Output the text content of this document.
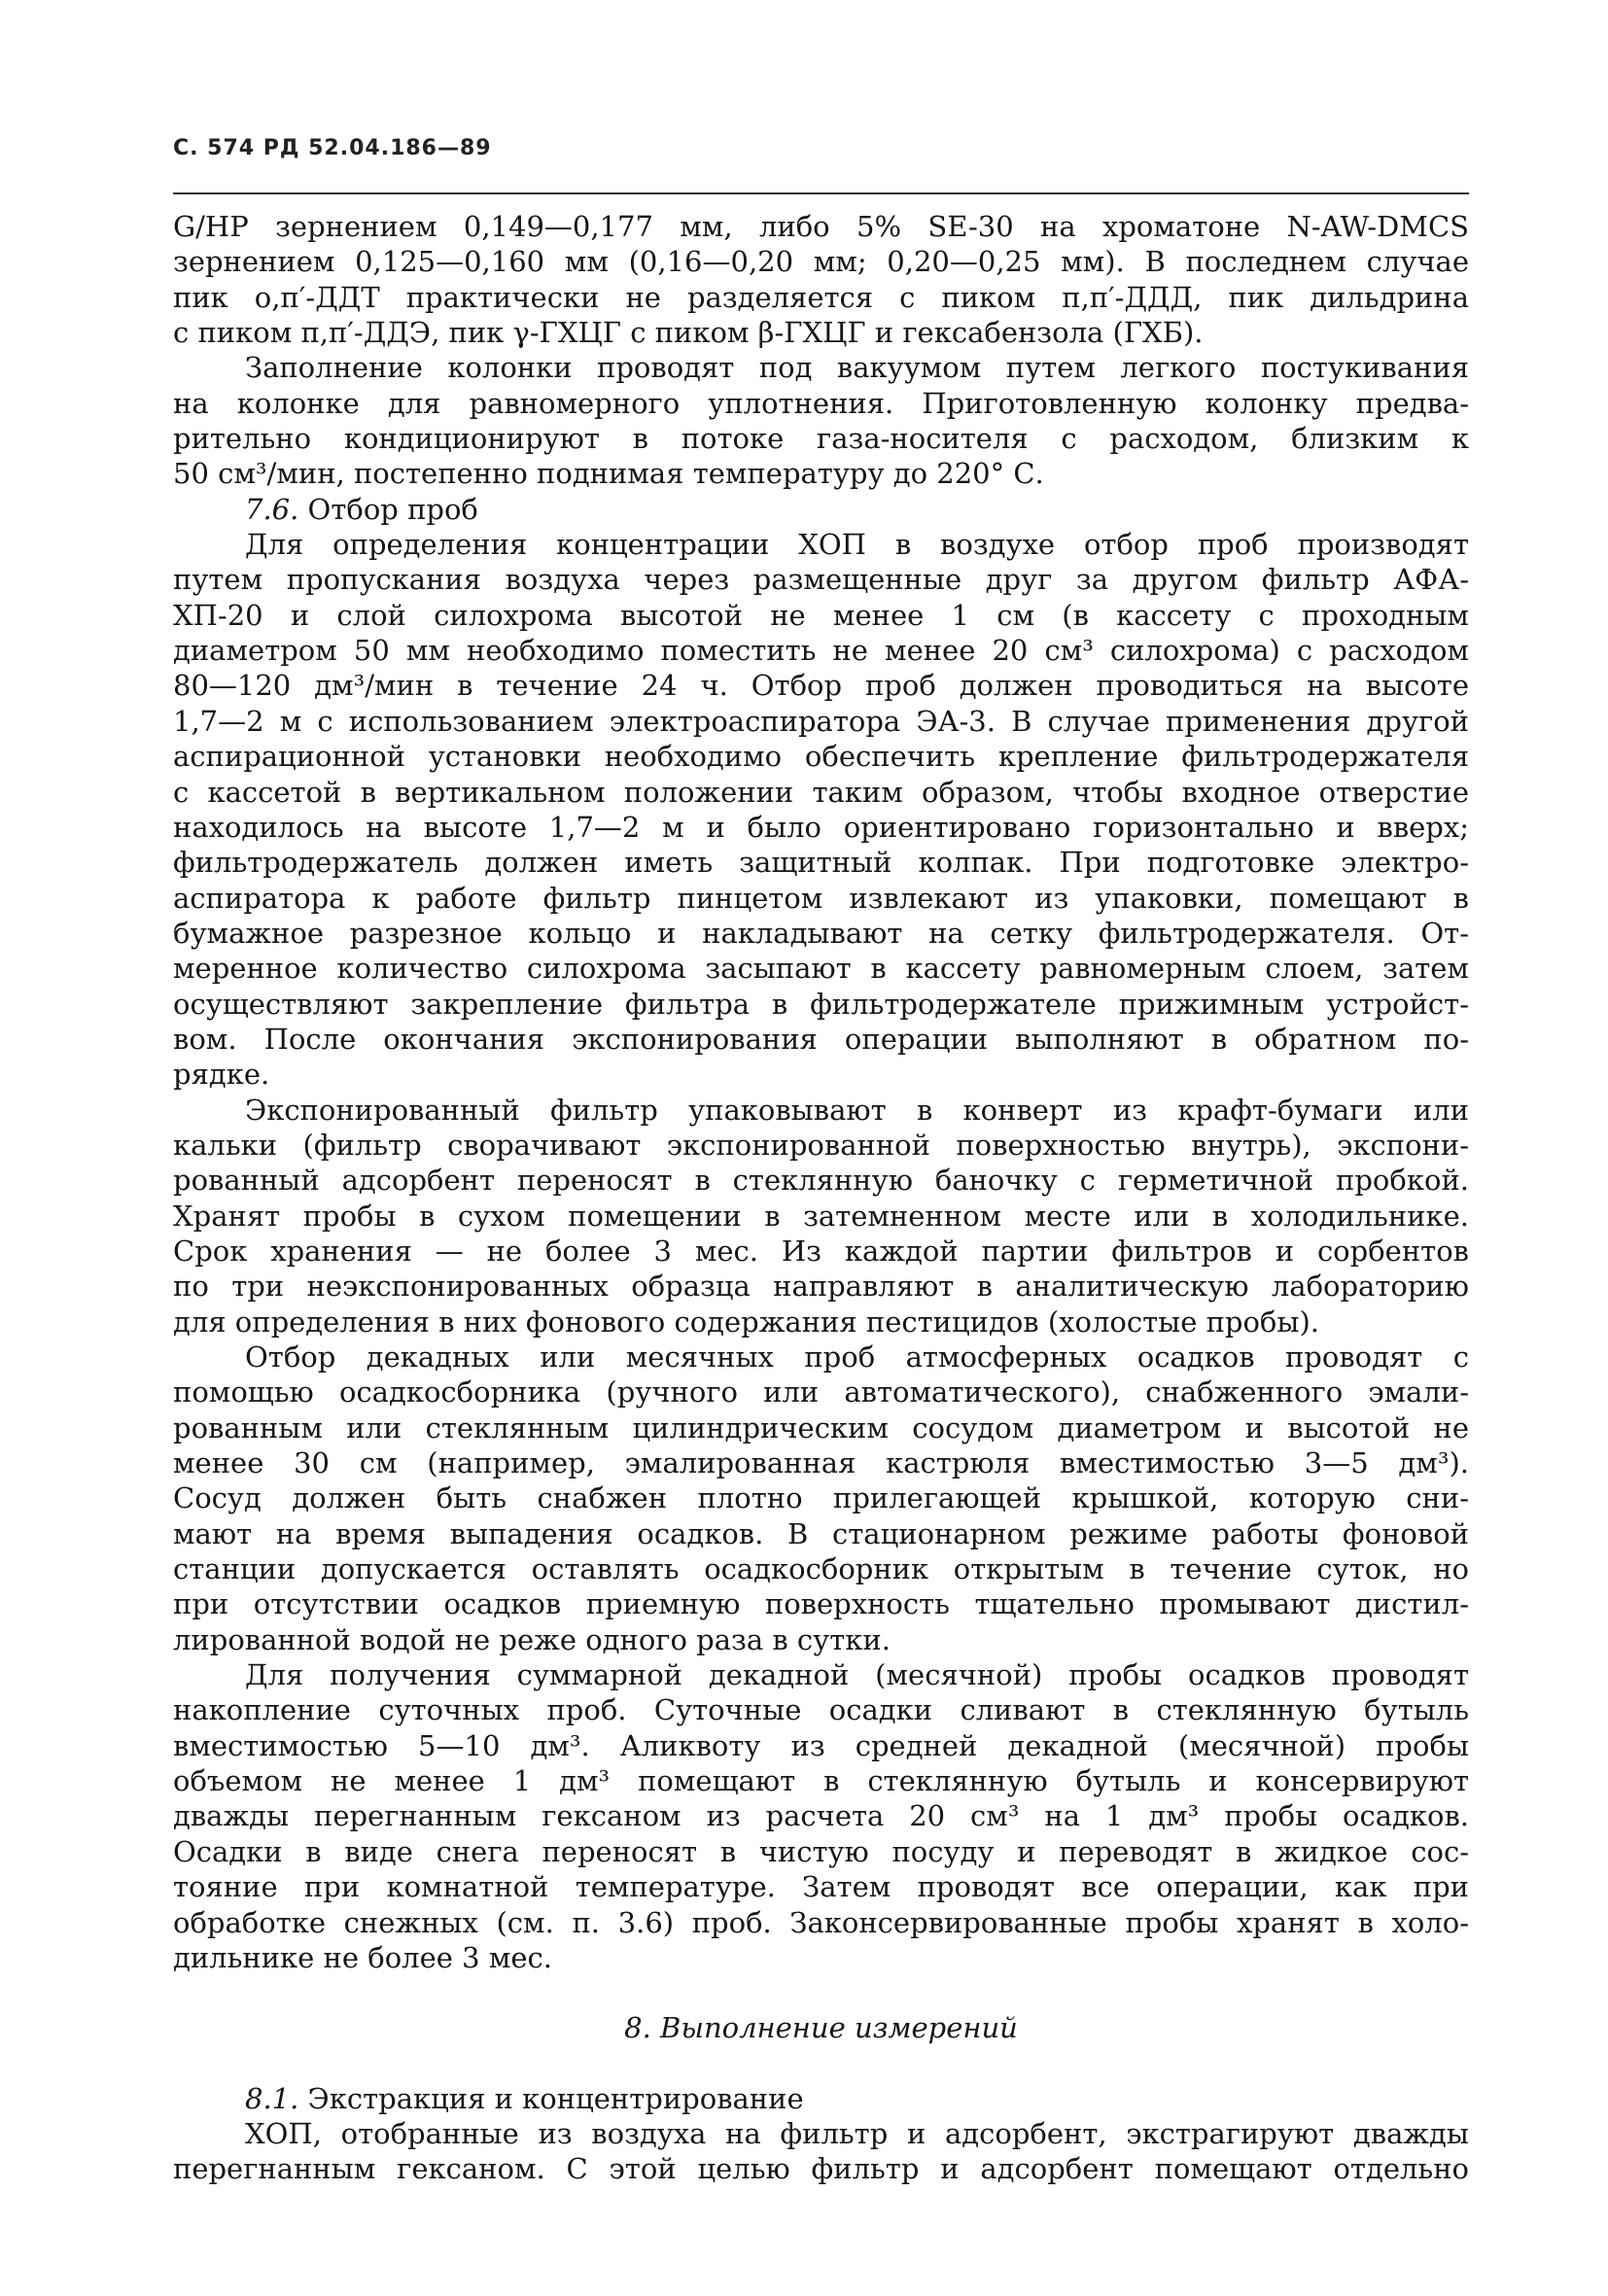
С. 574 РД 52.04.186—89

G/HP зернением 0,149—0,177 мм, либо 5% SE-30 на хроматоне N-AW-DMCS

зернением 0,125—0,160 мм (0,16—0,20 мм; 0,20—0,25 мм). В последнем случае

пик о,п′-ДДТ практически не разделяется с пиком п,п′-ДДД, пик дильдрина

с пиком п,п′-ДДЭ, пик γ-ГХЦГ с пиком β-ГХЦГ и гексабензола (ГХБ).

Заполнение колонки проводят под вакуумом путем легкого постукивания

на колонке для равномерного уплотнения. Приготовленную колонку предва-

рительно кондиционируют в потоке газа-носителя с расходом, близким к

50 см³/мин, постепенно поднимая температуру до 220° С.

7.6. Отбор проб

Для определения концентрации ХОП в воздухе отбор проб производят

путем пропускания воздуха через размещенные друг за другом фильтр АФА-

ХП-20 и слой силохрома высотой не менее 1 см (в кассету с проходным

диаметром 50 мм необходимо поместить не менее 20 см³ силохрома) с расходом

80—120 дм³/мин в течение 24 ч. Отбор проб должен проводиться на высоте

1,7—2 м с использованием электроаспиратора ЭА-3. В случае применения другой

аспирационной установки необходимо обеспечить крепление фильтродержателя

с кассетой в вертикальном положении таким образом, чтобы входное отверстие

находилось на высоте 1,7—2 м и было ориентировано горизонтально и вверх;

фильтродержатель должен иметь защитный колпак. При подготовке электро-

аспиратора к работе фильтр пинцетом извлекают из упаковки, помещают в

бумажное разрезное кольцо и накладывают на сетку фильтродержателя. От-

меренное количество силохрома засыпают в кассету равномерным слоем, затем

осуществляют закрепление фильтра в фильтродержателе прижимным устройст-

вом. После окончания экспонирования операции выполняют в обратном по-

рядке.

Экспонированный фильтр упаковывают в конверт из крафт-бумаги или

кальки (фильтр сворачивают экспонированной поверхностью внутрь), экспони-

рованный адсорбент переносят в стеклянную баночку с герметичной пробкой.

Хранят пробы в сухом помещении в затемненном месте или в холодильнике.

Срок хранения — не более 3 мес. Из каждой партии фильтров и сорбентов

по три неэкспонированных образца направляют в аналитическую лабораторию

для определения в них фонового содержания пестицидов (холостые пробы).

Отбор декадных или месячных проб атмосферных осадков проводят с

помощью осадкосборника (ручного или автоматического), снабженного эмали-

рованным или стеклянным цилиндрическим сосудом диаметром и высотой не

менее 30 см (например, эмалированная кастрюля вместимостью 3—5 дм³).

Сосуд должен быть снабжен плотно прилегающей крышкой, которую сни-

мают на время выпадения осадков. В стационарном режиме работы фоновой

станции допускается оставлять осадкосборник открытым в течение суток, но

при отсутствии осадков приемную поверхность тщательно промывают дистил-

лированной водой не реже одного раза в сутки.

Для получения суммарной декадной (месячной) пробы осадков проводят

накопление суточных проб. Суточные осадки сливают в стеклянную бутыль

вместимостью 5—10 дм³. Аликвоту из средней декадной (месячной) пробы

объемом не менее 1 дм³ помещают в стеклянную бутыль и консервируют

дважды перегнанным гексаном из расчета 20 см³ на 1 дм³ пробы осадков.

Осадки в виде снега переносят в чистую посуду и переводят в жидкое сос-

тояние при комнатной температуре. Затем проводят все операции, как при

обработке снежных (см. п. 3.6) проб. Законсервированные пробы хранят в холо-

дильнике не более 3 мес.

8. Выполнение измерений

8.1. Экстракция и концентрирование

ХОП, отобранные из воздуха на фильтр и адсорбент, экстрагируют дважды

перегнанным гексаном. С этой целью фильтр и адсорбент помещают отдельно
